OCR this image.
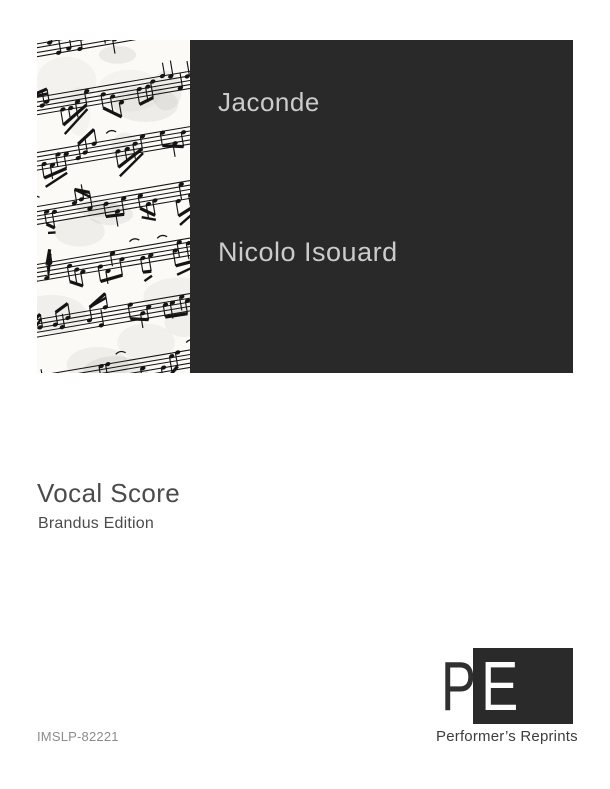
Jaconde
Nicolo Isouard
Vocal Score
Brandus Edition
P E
Performer’s Reprints
IMSLP-82221
